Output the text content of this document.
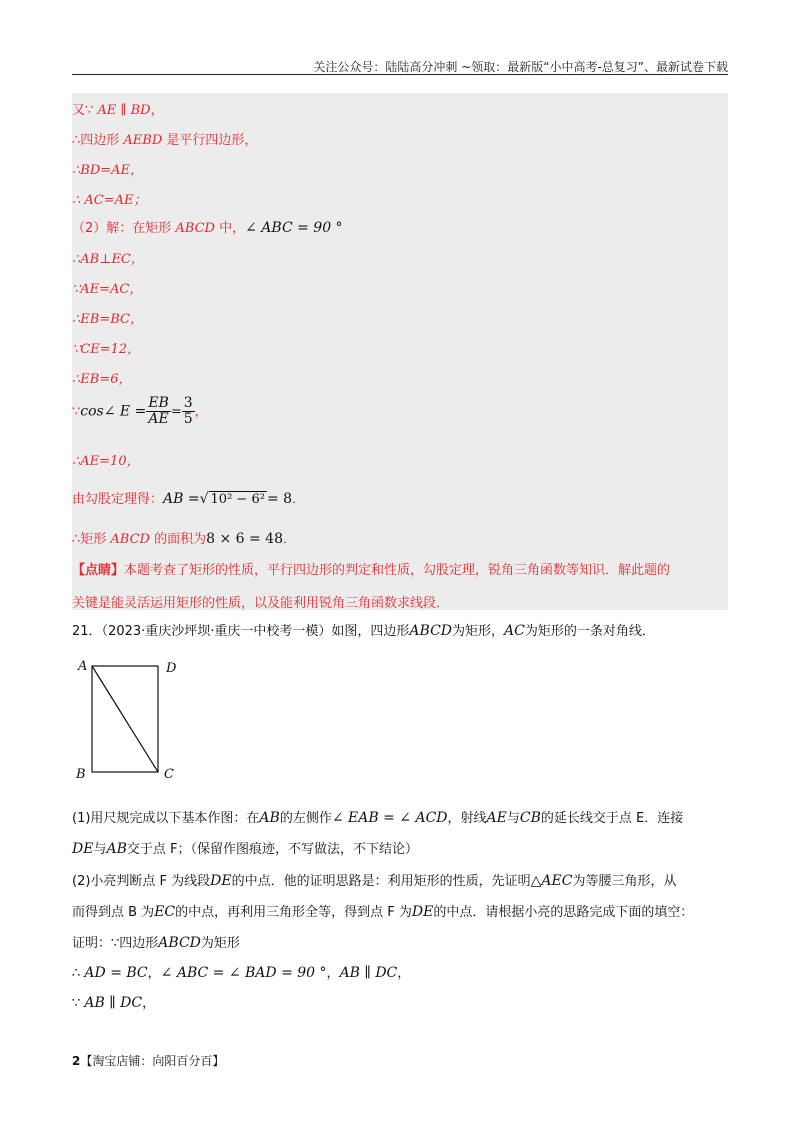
关注公众号：陆陆高分冲刺 ~领取：最新版“小中高考-总复习”、最新试卷下载
又∵ AE ∥ BD，
∴四边形 AEBD 是平行四边形，
∴BD=AE，
∴ AC=AE；
（2）解：在矩形 ABCD 中，∠ ABC = 90 °
∴AB⊥EC，
∵AE=AC，
∴EB=BC，
∵CE=12，
∴EB=6，
∵cos∠ $E = \frac{EB}{AE} = \frac{3}{5}$ ，
∴AE=10，
由勾股定理得：AB =√ 10² − 6² = 8．
∴矩形 ABCD 的面积为8 × 6 = 48．
【点睛】本题考查了矩形的性质，平行四边形的判定和性质，勾股定理，锐角三角函数等知识．解此题的
关键是能灵活运用矩形的性质，以及能利用锐角三角函数求线段．
21．（2023·重庆沙坪坝·重庆一中校考一模）如图，四边形ABCD为矩形，AC为矩形的一条对角线．
A	D
B	C
(1)用尺规完成以下基本作图：在AB的左侧作∠ EAB = ∠ ACD，射线AE与CB的延长线交于点 E．连接
DE与AB交于点 F；（保留作图痕迹，不写做法，不下结论）
(2)小亮判断点 F 为线段DE的中点．他的证明思路是：利用矩形的性质，先证明△AEC为等腰三角形，从
而得到点 B 为EC的中点，再利用三角形全等，得到点 F 为DE的中点．请根据小亮的思路完成下面的填空：
证明：∵四边形ABCD为矩形
∴ AD = BC，∠ ABC = ∠ BAD = 90 °，AB ∥ DC，
∵ AB ∥ DC，
2【淘宝店铺：向阳百分百】
